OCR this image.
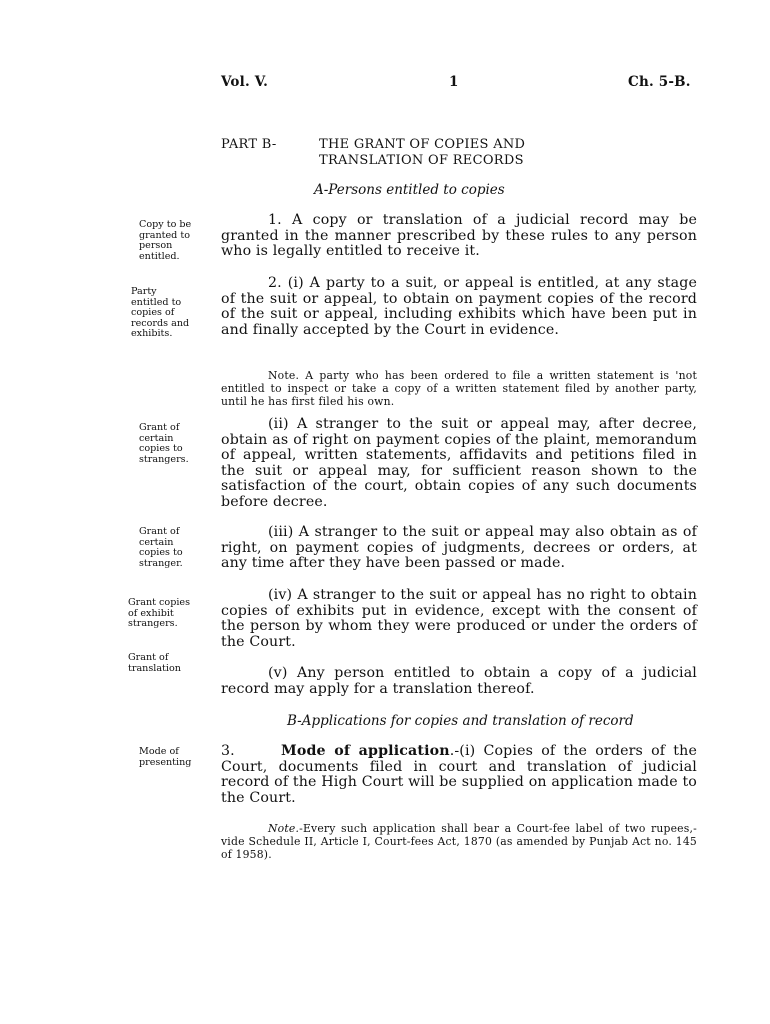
Vol. V.	1	Ch. 5-B.
PART B-	THE GRANT OF COPIES AND
TRANSLATION OF RECORDS
A-Persons entitled to copies
Copy to be
granted to
person
entitled.
Party
entitled to
copies of
records and
exhibits.
Grant of
certain
copies to
strangers.
Grant of
certain
copies to
stranger.
Grant copies
of exhibit
strangers.
Grant of
translation
Mode of
presenting

1. A copy or translation of a judicial record may be granted in the manner prescribed by these rules to any person who is legally entitled to receive it.

2. (i) A party to a suit, or appeal is entitled, at any stage of the suit or appeal, to obtain on payment copies of the record of the suit or appeal, including exhibits which have been put in and finally accepted by the Court in evidence.

Note. A party who has been ordered to file a written statement is 'not entitled to inspect or take a copy of a written statement filed by another party, until he has first filed his own.

(ii) A stranger to the suit or appeal may, after decree, obtain as of right on payment copies of the plaint, memorandum of appeal, written statements, affidavits and petitions filed in the suit or appeal may, for sufficient reason shown to the satisfaction of the court, obtain copies of any such documents before decree.

(iii) A stranger to the suit or appeal may also obtain as of right, on payment copies of judgments, decrees or orders, at any time after they have been passed or made.

(iv) A stranger to the suit or appeal has no right to obtain copies of exhibits put in evidence, except with the consent of the person by whom they were produced or under the orders of the Court.

(v) Any person entitled to obtain a copy of a judicial record may apply for a translation thereof.

B-Applications for copies and translation of record

3.	Mode of application.-(i) Copies of the orders of the Court, documents filed in court and translation of judicial record of the High Court will be supplied on application made to the Court.

Note.-Every such application shall bear a Court-fee label of two rupees,-vide Schedule II, Article I, Court-fees Act, 1870 (as amended by Punjab Act no. 145 of 1958).
